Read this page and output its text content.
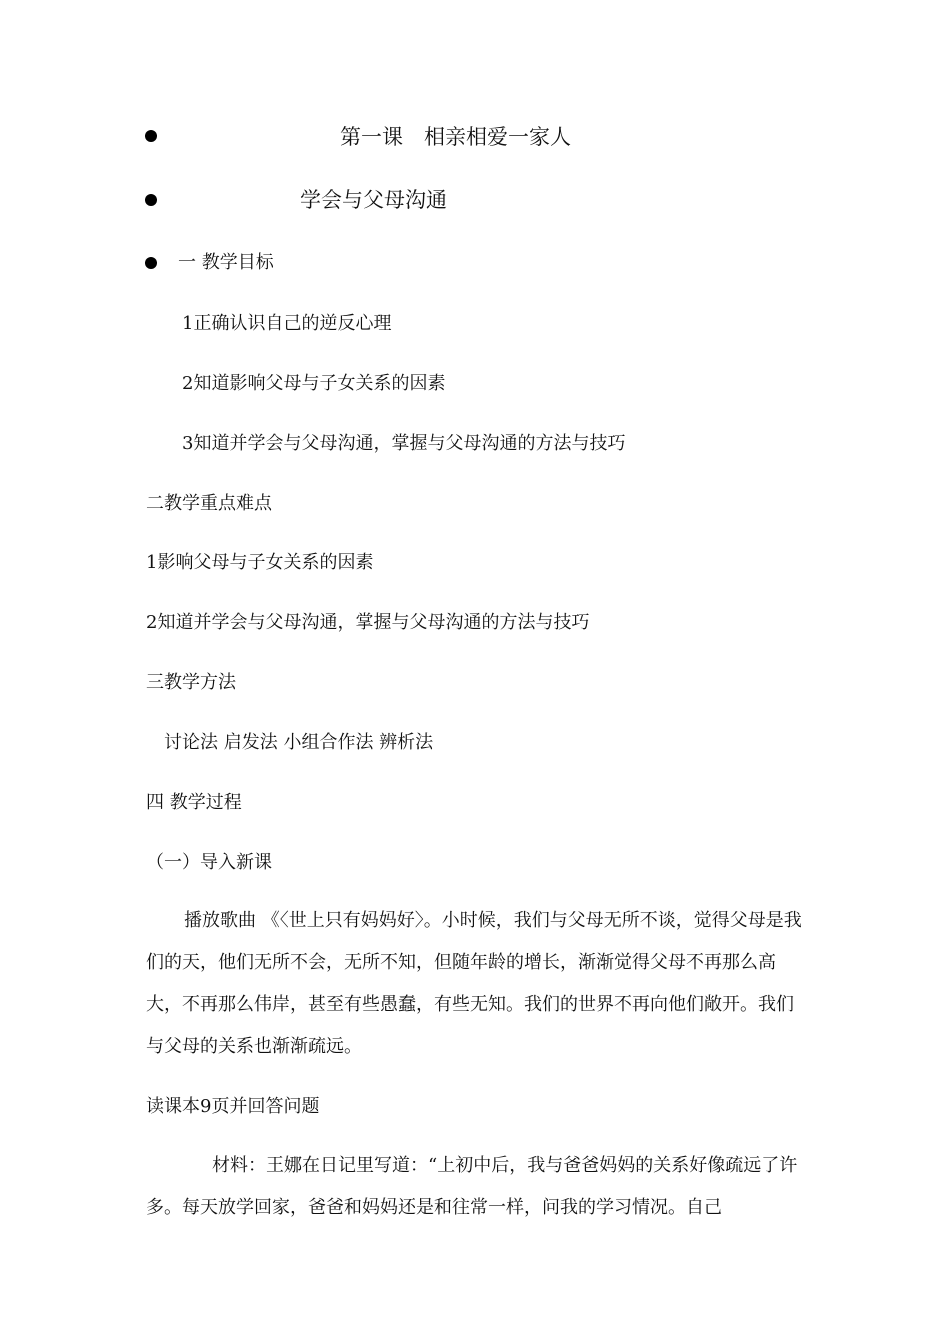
第一课　相亲相爱一家人
学会与父母沟通
一 教学目标
1正确认识自己的逆反心理
2知道影响父母与子女关系的因素
3知道并学会与父母沟通，掌握与父母沟通的方法与技巧
二教学重点难点
1影响父母与子女关系的因素
2知道并学会与父母沟通，掌握与父母沟通的方法与技巧
三教学方法
讨论法 启发法 小组合作法 辨析法
四 教学过程
（一）导入新课
播放歌曲 《〈世上只有妈妈好〉。小时候，我们与父母无所不谈，觉得父母是我们的天，他们无所不会，无所不知，但随年龄的增长，渐渐觉得父母不再那么高大，不再那么伟岸，甚至有些愚蠢，有些无知。我们的世界不再向他们敞开。我们与父母的关系也渐渐疏远。
读课本9页并回答问题
材料：王娜在日记里写道：“上初中后，我与爸爸妈妈的关系好像疏远了许多。每天放学回家，爸爸和妈妈还是和往常一样，问我的学习情况。自己
